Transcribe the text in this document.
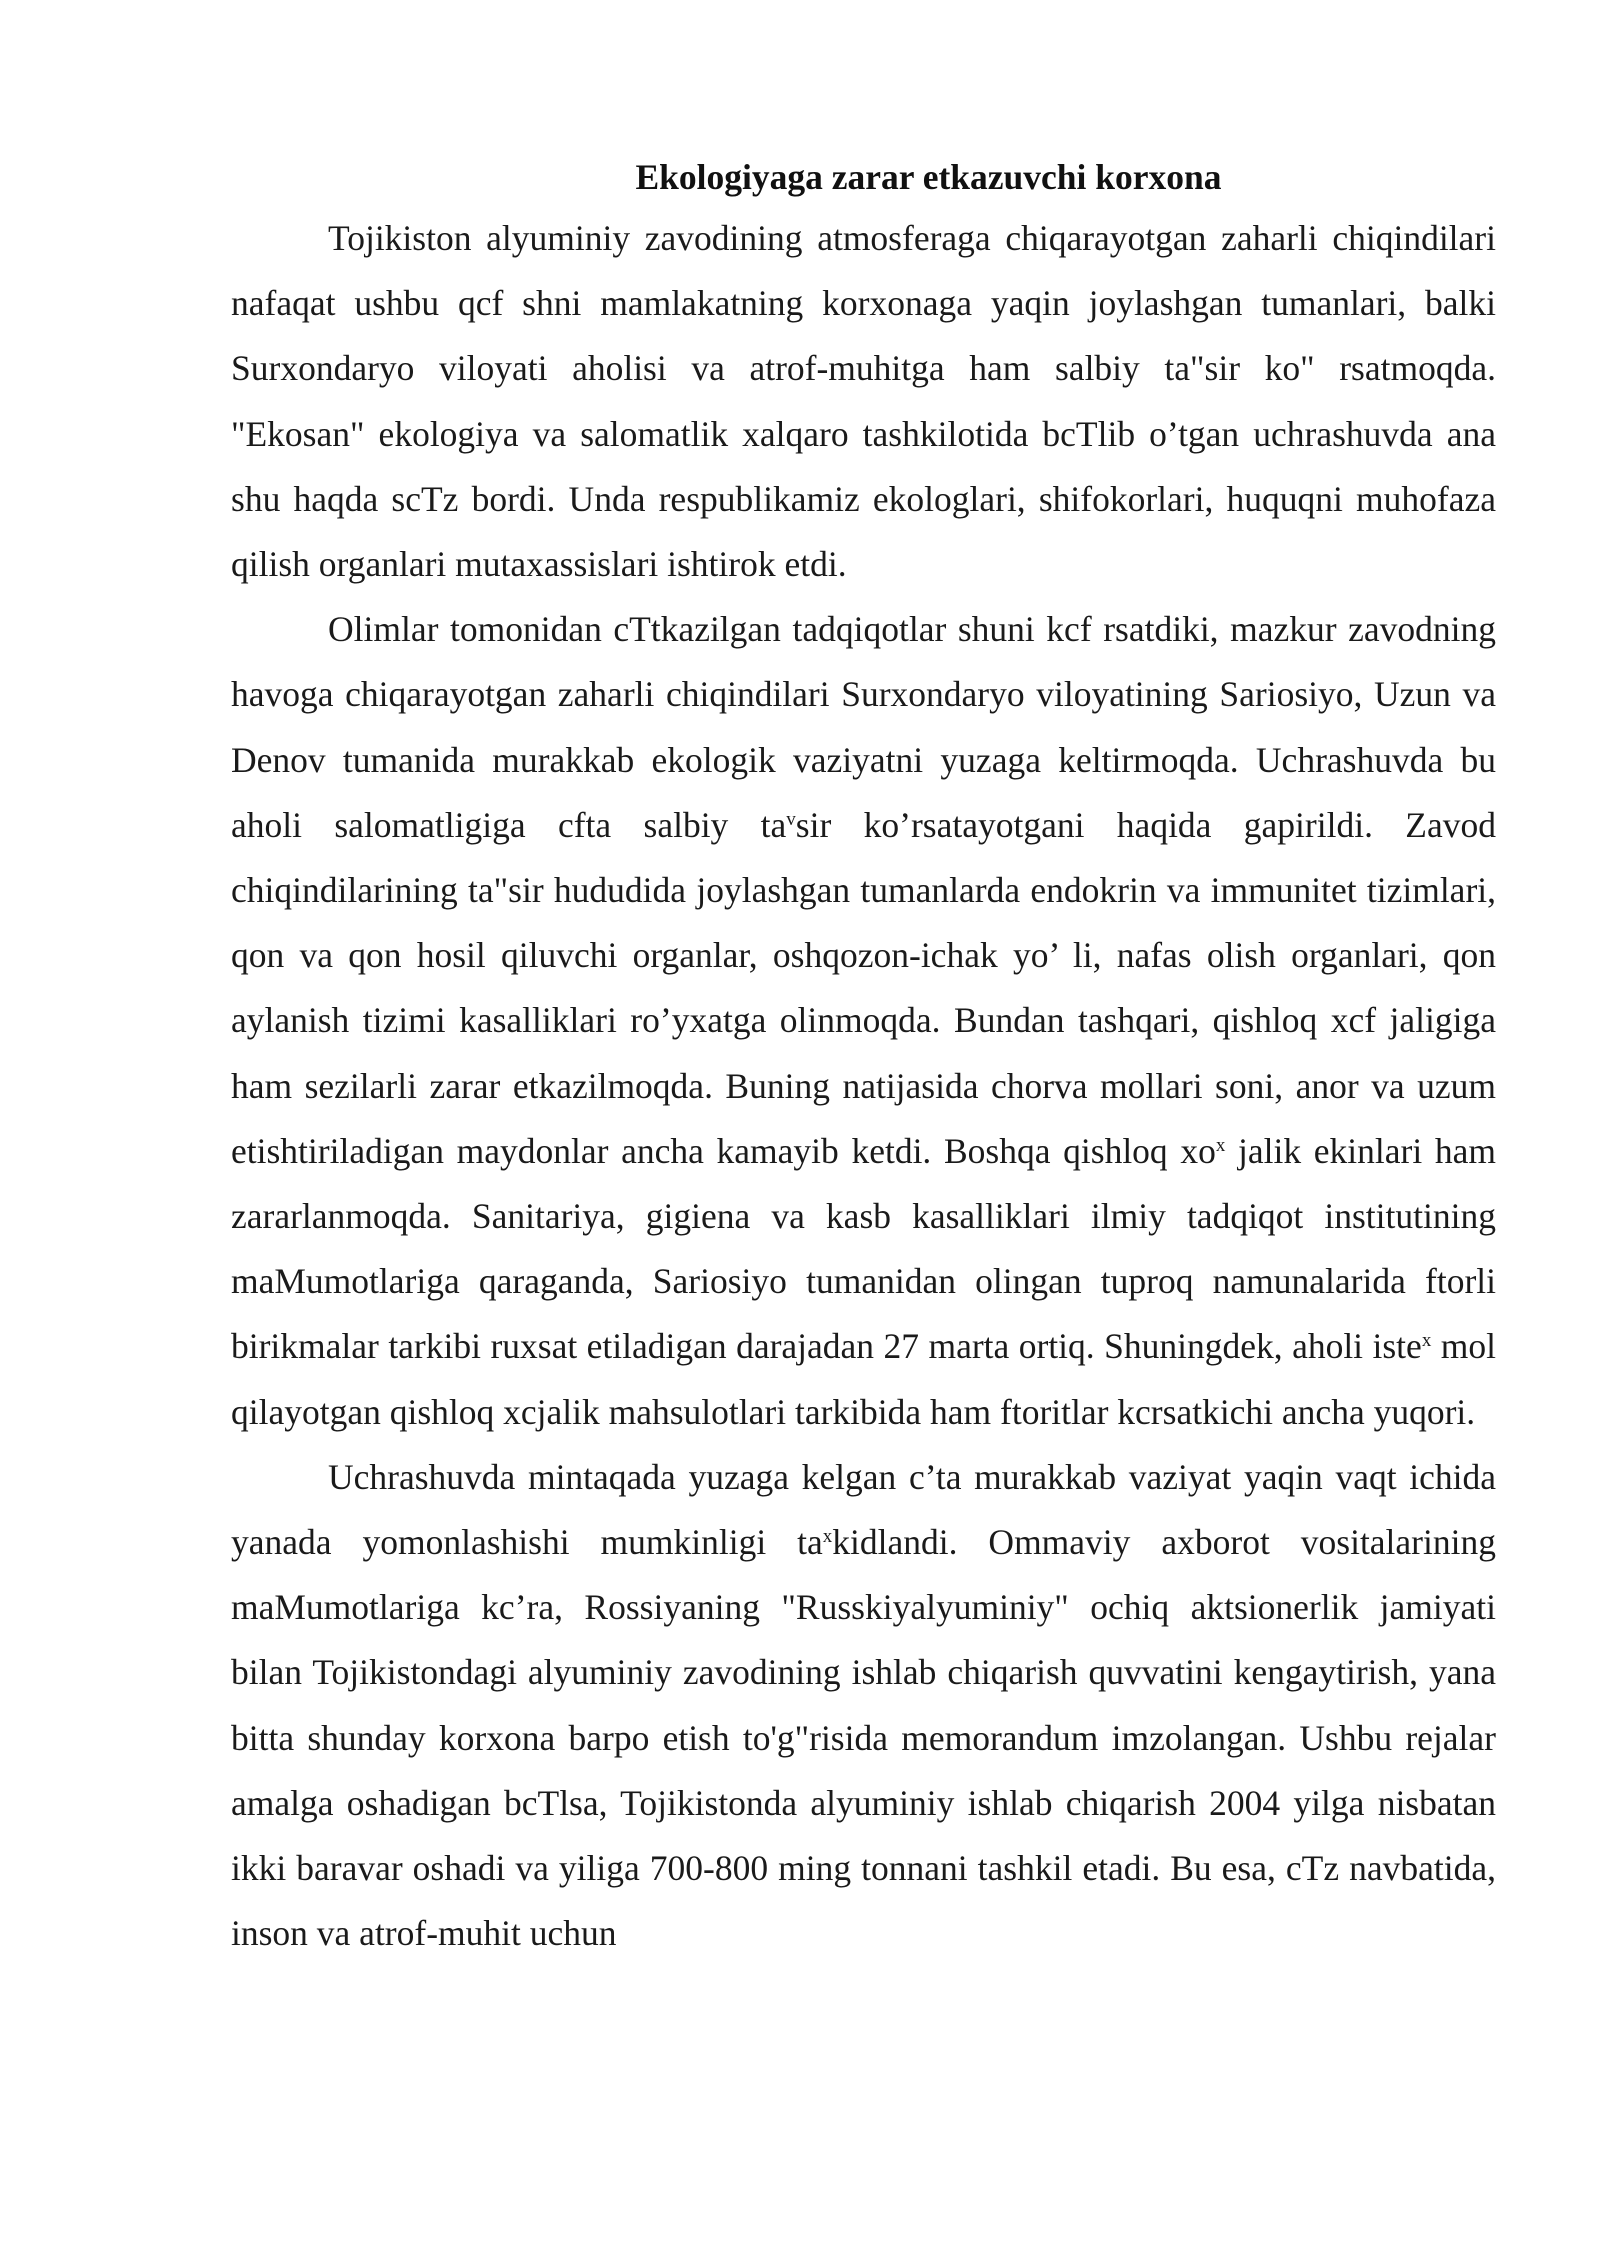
Ekologiyaga zarar etkazuvchi korxona

Tojikiston alyuminiy zavodining atmosferaga chiqarayotgan zaharli chiqindilari nafaqat ushbu qcf shni mamlakatning korxonaga yaqin joylashgan tumanlari, balki Surxondaryo viloyati aholisi va atrof-muhitga ham salbiy ta"sir ko" rsatmoqda. "Ekosan" ekologiya va salomatlik xalqaro tashkilotida bcTlib o’tgan uchrashuvda ana shu haqda scTz bordi. Unda respublikamiz ekologlari, shifokorlari, huquqni muhofaza qilish organlari mutaxassislari ishtirok etdi.

Olimlar tomonidan cTtkazilgan tadqiqotlar shuni kcf rsatdiki, mazkur zavodning havoga chiqarayotgan zaharli chiqindilari Surxondaryo viloyatining Sariosiyo, Uzun va Denov tumanida murakkab ekologik vaziyatni yuzaga keltirmoqda. Uchrashuvda bu aholi salomatligiga cfta salbiy $ta^vsir$ ko’rsatayotgani haqida gapirildi. Zavod chiqindilarining ta"sir hududida joylashgan tumanlarda endokrin va immunitet tizimlari, qon va qon hosil qiluvchi organlar, oshqozon-ichak yo’ li, nafas olish organlari, qon aylanish tizimi kasalliklari ro’yxatga olinmoqda. Bundan tashqari, qishloq xcf jaligiga ham sezilarli zarar etkazilmoqda. Buning natijasida chorva mollari soni, anor va uzum etishtiriladigan maydonlar ancha kamayib ketdi. Boshqa qishloq $xo^x$ jalik ekinlari ham zararlanmoqda. Sanitariya, gigiena va kasb kasalliklari ilmiy tadqiqot institutining maMumotlariga qaraganda, Sariosiyo tumanidan olingan tuproq namunalarida ftorli birikmalar tarkibi ruxsat etiladigan darajadan 27 marta ortiq. Shuningdek, aholi iste$^x$ mol qilayotgan qishloq xcjalik mahsulotlari tarkibida ham ftoritlar kcrsatkichi ancha yuqori.

Uchrashuvda mintaqada yuzaga kelgan c’ta murakkab vaziyat yaqin vaqt ichida yanada yomonlashishi mumkinligi $ta^xkidlandi$. Ommaviy axborot vositalarining maMumotlariga kc’ra, Rossiyaning "Russkiyalyuminiy" ochiq aktsionerlik jamiyati bilan Tojikistondagi alyuminiy zavodining ishlab chiqarish quvvatini kengaytirish, yana bitta shunday korxona barpo etish to'g"risida memorandum imzolangan. Ushbu rejalar amalga oshadigan bcTlsa, Tojikistonda alyuminiy ishlab chiqarish 2004 yilga nisbatan ikki baravar oshadi va yiliga 700-800 ming tonnani tashkil etadi. Bu esa, cTz navbatida, inson va atrof-muhit uchun
